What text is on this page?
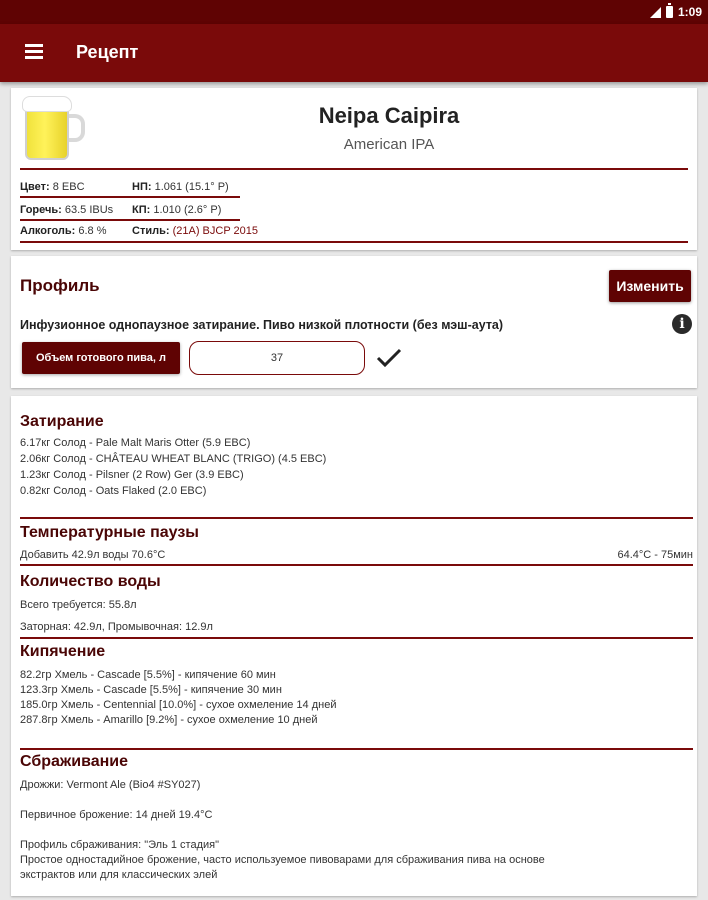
1:09
Рецепт
Neipa Caipira
American IPA
Цвет: 8 EBC	НП: 1.061 (15.1° P)
Горечь: 63.5 IBUs КП: 1.010 (2.6° P)
Алкоголь: 6.8 % Стиль: (21A) BJCP 2015
Профиль	Изменить
Инфузионное однопаузное затирание. Пиво низкой плотности (без мэш-аута)	i
Объем готового пива, л
37
Затирание
6.17кг Солод - Pale Malt Maris Otter (5.9 EBC)
2.06кг Солод - CHÂTEAU WHEAT BLANC (TRIGO) (4.5 EBC)
1.23кг Солод - Pilsner (2 Row) Ger (3.9 EBC)
0.82кг Солод - Oats Flaked (2.0 EBC)
Температурные паузы
Добавить 42.9л воды 70.6°C	64.4°C - 75мин
Количество воды
Всего требуется: 55.8л
Заторная: 42.9л, Промывочная: 12.9л
Кипячение
82.2гр Хмель - Cascade [5.5%] - кипячение 60 мин
123.3гр Хмель - Cascade [5.5%] - кипячение 30 мин
185.0гр Хмель - Centennial [10.0%] - сухое охмеление 14 дней
287.8гр Хмель - Amarillo [9.2%] - сухое охмеление 10 дней
Сбраживание
Дрожжи: Vermont Ale (Bio4 #SY027)
Первичное брожение: 14 дней 19.4°C
Профиль сбраживания: "Эль 1 стадия"
Простое одностадийное брожение, часто используемое пивоварами для сбраживания пива на основе
экстрактов или для классических элей
